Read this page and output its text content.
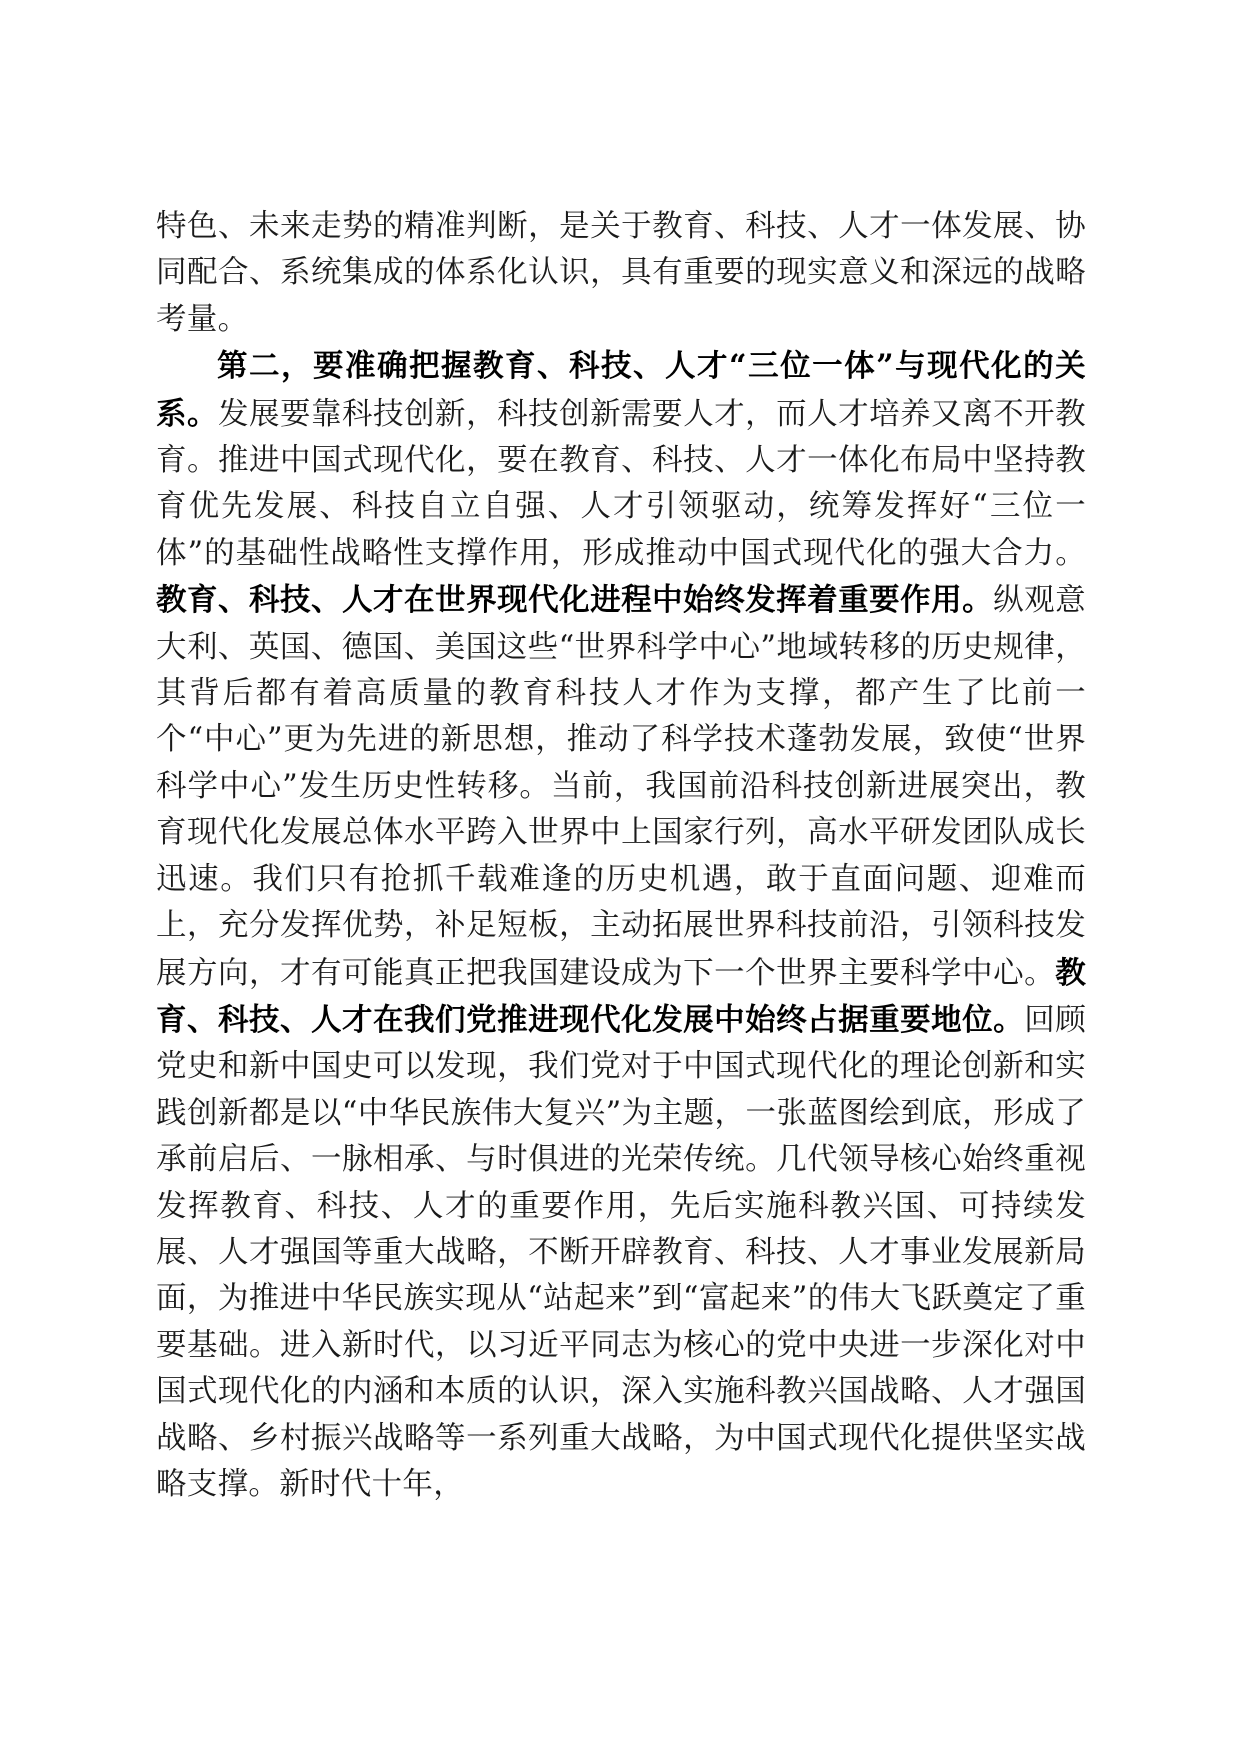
特色、未来走势的精准判断，是关于教育、科技、人才一体发展、协同配合、系统集成的体系化认识，具有重要的现实意义和深远的战略考量。

第二，要准确把握教育、科技、人才“三位一体”与现代化的关系。发展要靠科技创新，科技创新需要人才，而人才培养又离不开教育。推进中国式现代化，要在教育、科技、人才一体化布局中坚持教育优先发展、科技自立自强、人才引领驱动，统筹发挥好“三位一体”的基础性战略性支撑作用，形成推动中国式现代化的强大合力。教育、科技、人才在世界现代化进程中始终发挥着重要作用。纵观意大利、英国、德国、美国这些“世界科学中心”地域转移的历史规律，其背后都有着高质量的教育科技人才作为支撑，都产生了比前一个“中心”更为先进的新思想，推动了科学技术蓬勃发展，致使“世界科学中心”发生历史性转移。当前，我国前沿科技创新进展突出，教育现代化发展总体水平跨入世界中上国家行列，高水平研发团队成长迅速。我们只有抢抓千载难逢的历史机遇，敢于直面问题、迎难而上，充分发挥优势，补足短板，主动拓展世界科技前沿，引领科技发展方向，才有可能真正把我国建设成为下一个世界主要科学中心。教育、科技、人才在我们党推进现代化发展中始终占据重要地位。回顾党史和新中国史可以发现，我们党对于中国式现代化的理论创新和实践创新都是以“中华民族伟大复兴”为主题，一张蓝图绘到底，形成了承前启后、一脉相承、与时俱进的光荣传统。几代领导核心始终重视发挥教育、科技、人才的重要作用，先后实施科教兴国、可持续发展、人才强国等重大战略，不断开辟教育、科技、人才事业发展新局面，为推进中华民族实现从“站起来”到“富起来”的伟大飞跃奠定了重要基础。进入新时代，以习近平同志为核心的党中央进一步深化对中国式现代化的内涵和本质的认识，深入实施科教兴国战略、人才强国战略、乡村振兴战略等一系列重大战略，为中国式现代化提供坚实战略支撑。新时代十年，
